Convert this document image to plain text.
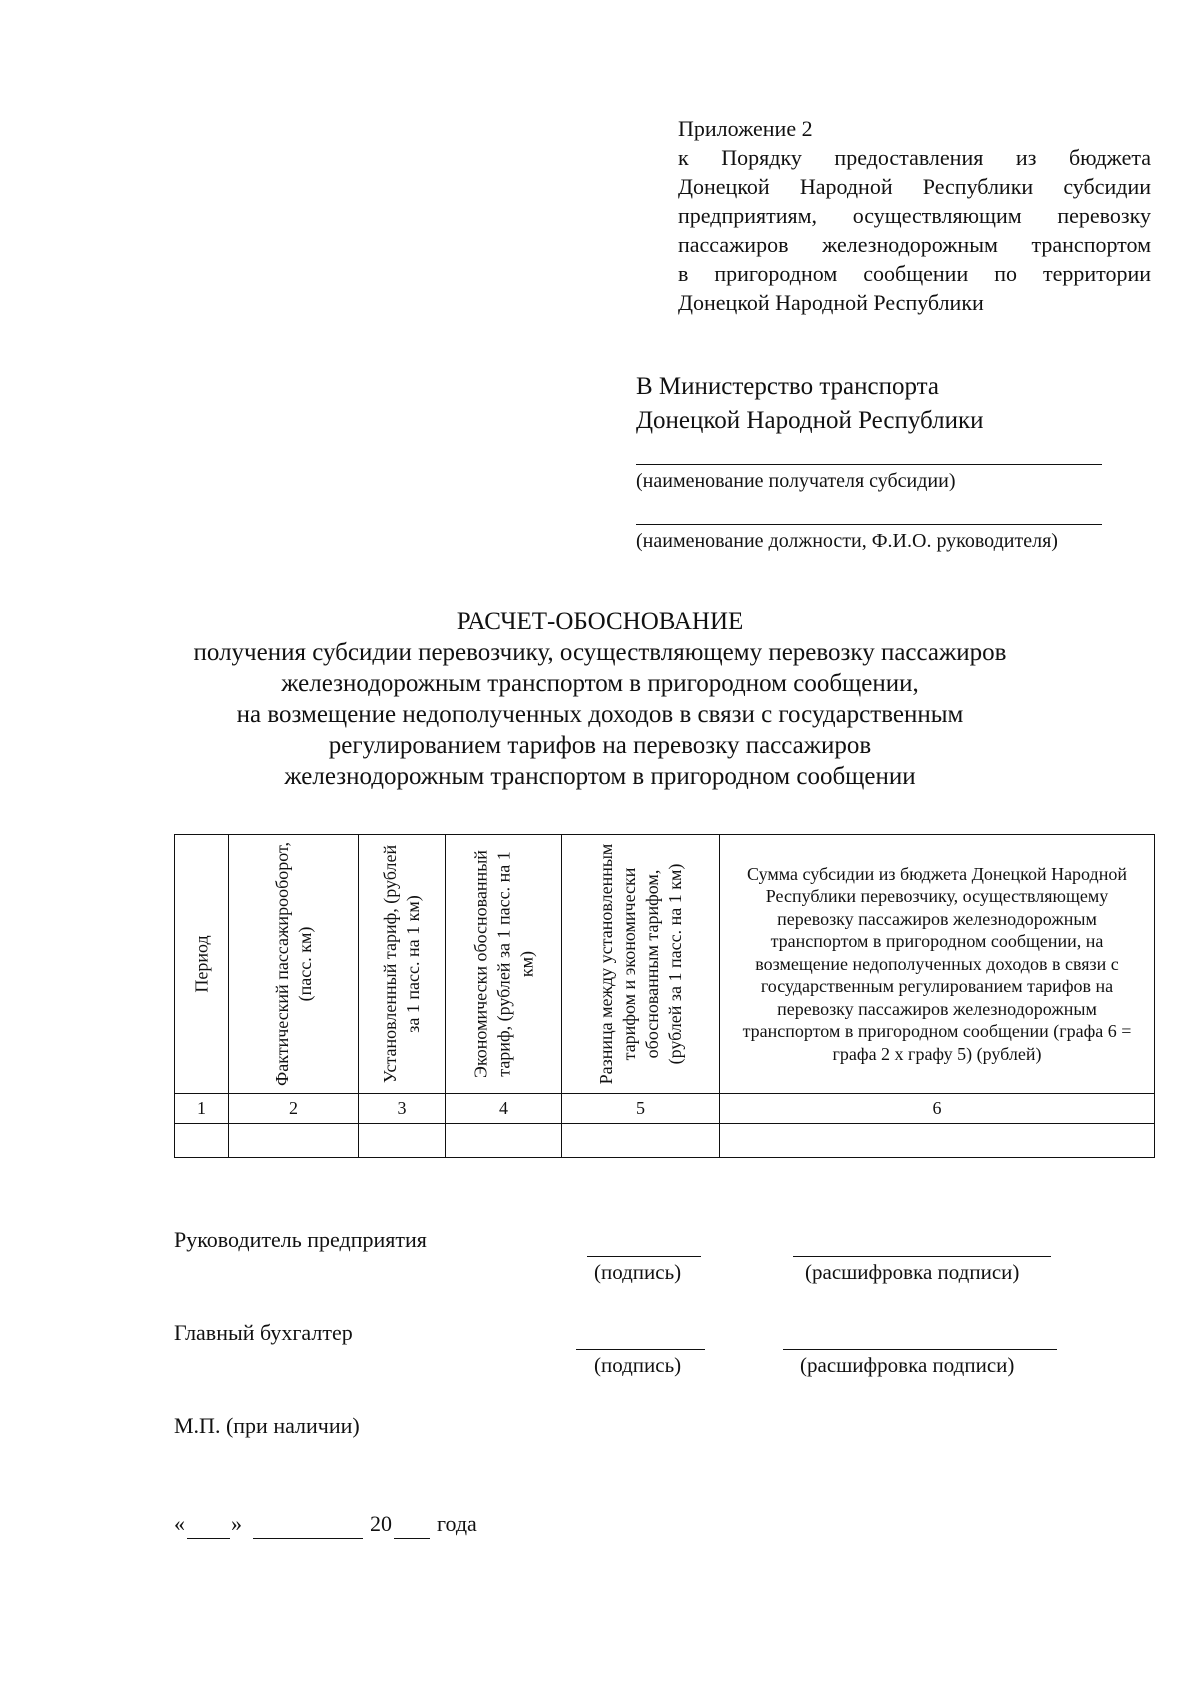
Приложение 2
к Порядку предоставления из бюджета
Донецкой Народной Республики субсидии
предприятиям, осуществляющим перевозку
пассажиров железнодорожным транспортом
в пригородном сообщении по территории
Донецкой Народной Республики
В Министерство транспорта
Донецкой Народной Республики
(наименование получателя субсидии)
(наименование должности, Ф.И.О. руководителя)
РАСЧЕТ-ОБОСНОВАНИЕ
получения субсидии перевозчику, осуществляющему перевозку пассажиров
железнодорожным транспортом в пригородном сообщении,
на возмещение недополученных доходов в связи с государственным
регулированием тарифов на перевозку пассажиров
железнодорожным транспортом в пригородном сообщении
Период	Фактический пассажирооборот, (пасс. км)	Установленный тариф, (рублей за 1 пасс. на 1 км)	Экономически обоснованный тариф, (рублей за 1 пасс. на 1 км)	Разница между установленным тарифом и экономически обоснованным тарифом, (рублей за 1 пасс. на 1 км)	Сумма субсидии из бюджета Донецкой Народной Республики перевозчику, осуществляющему перевозку пассажиров железнодорожным транспортом в пригородном сообщении, на возмещение недополученных доходов в связи с государственным регулированием тарифов на перевозку пассажиров железнодорожным транспортом в пригородном сообщении (графа 6 = графа 2 х графу 5) (рублей)
1	2	3	4	5	6

Руководитель предприятия
(подпись)	(расшифровка подписи)
Главный бухгалтер
(подпись)	(расшифровка подписи)
М.П. (при наличии)
« »	20 года
